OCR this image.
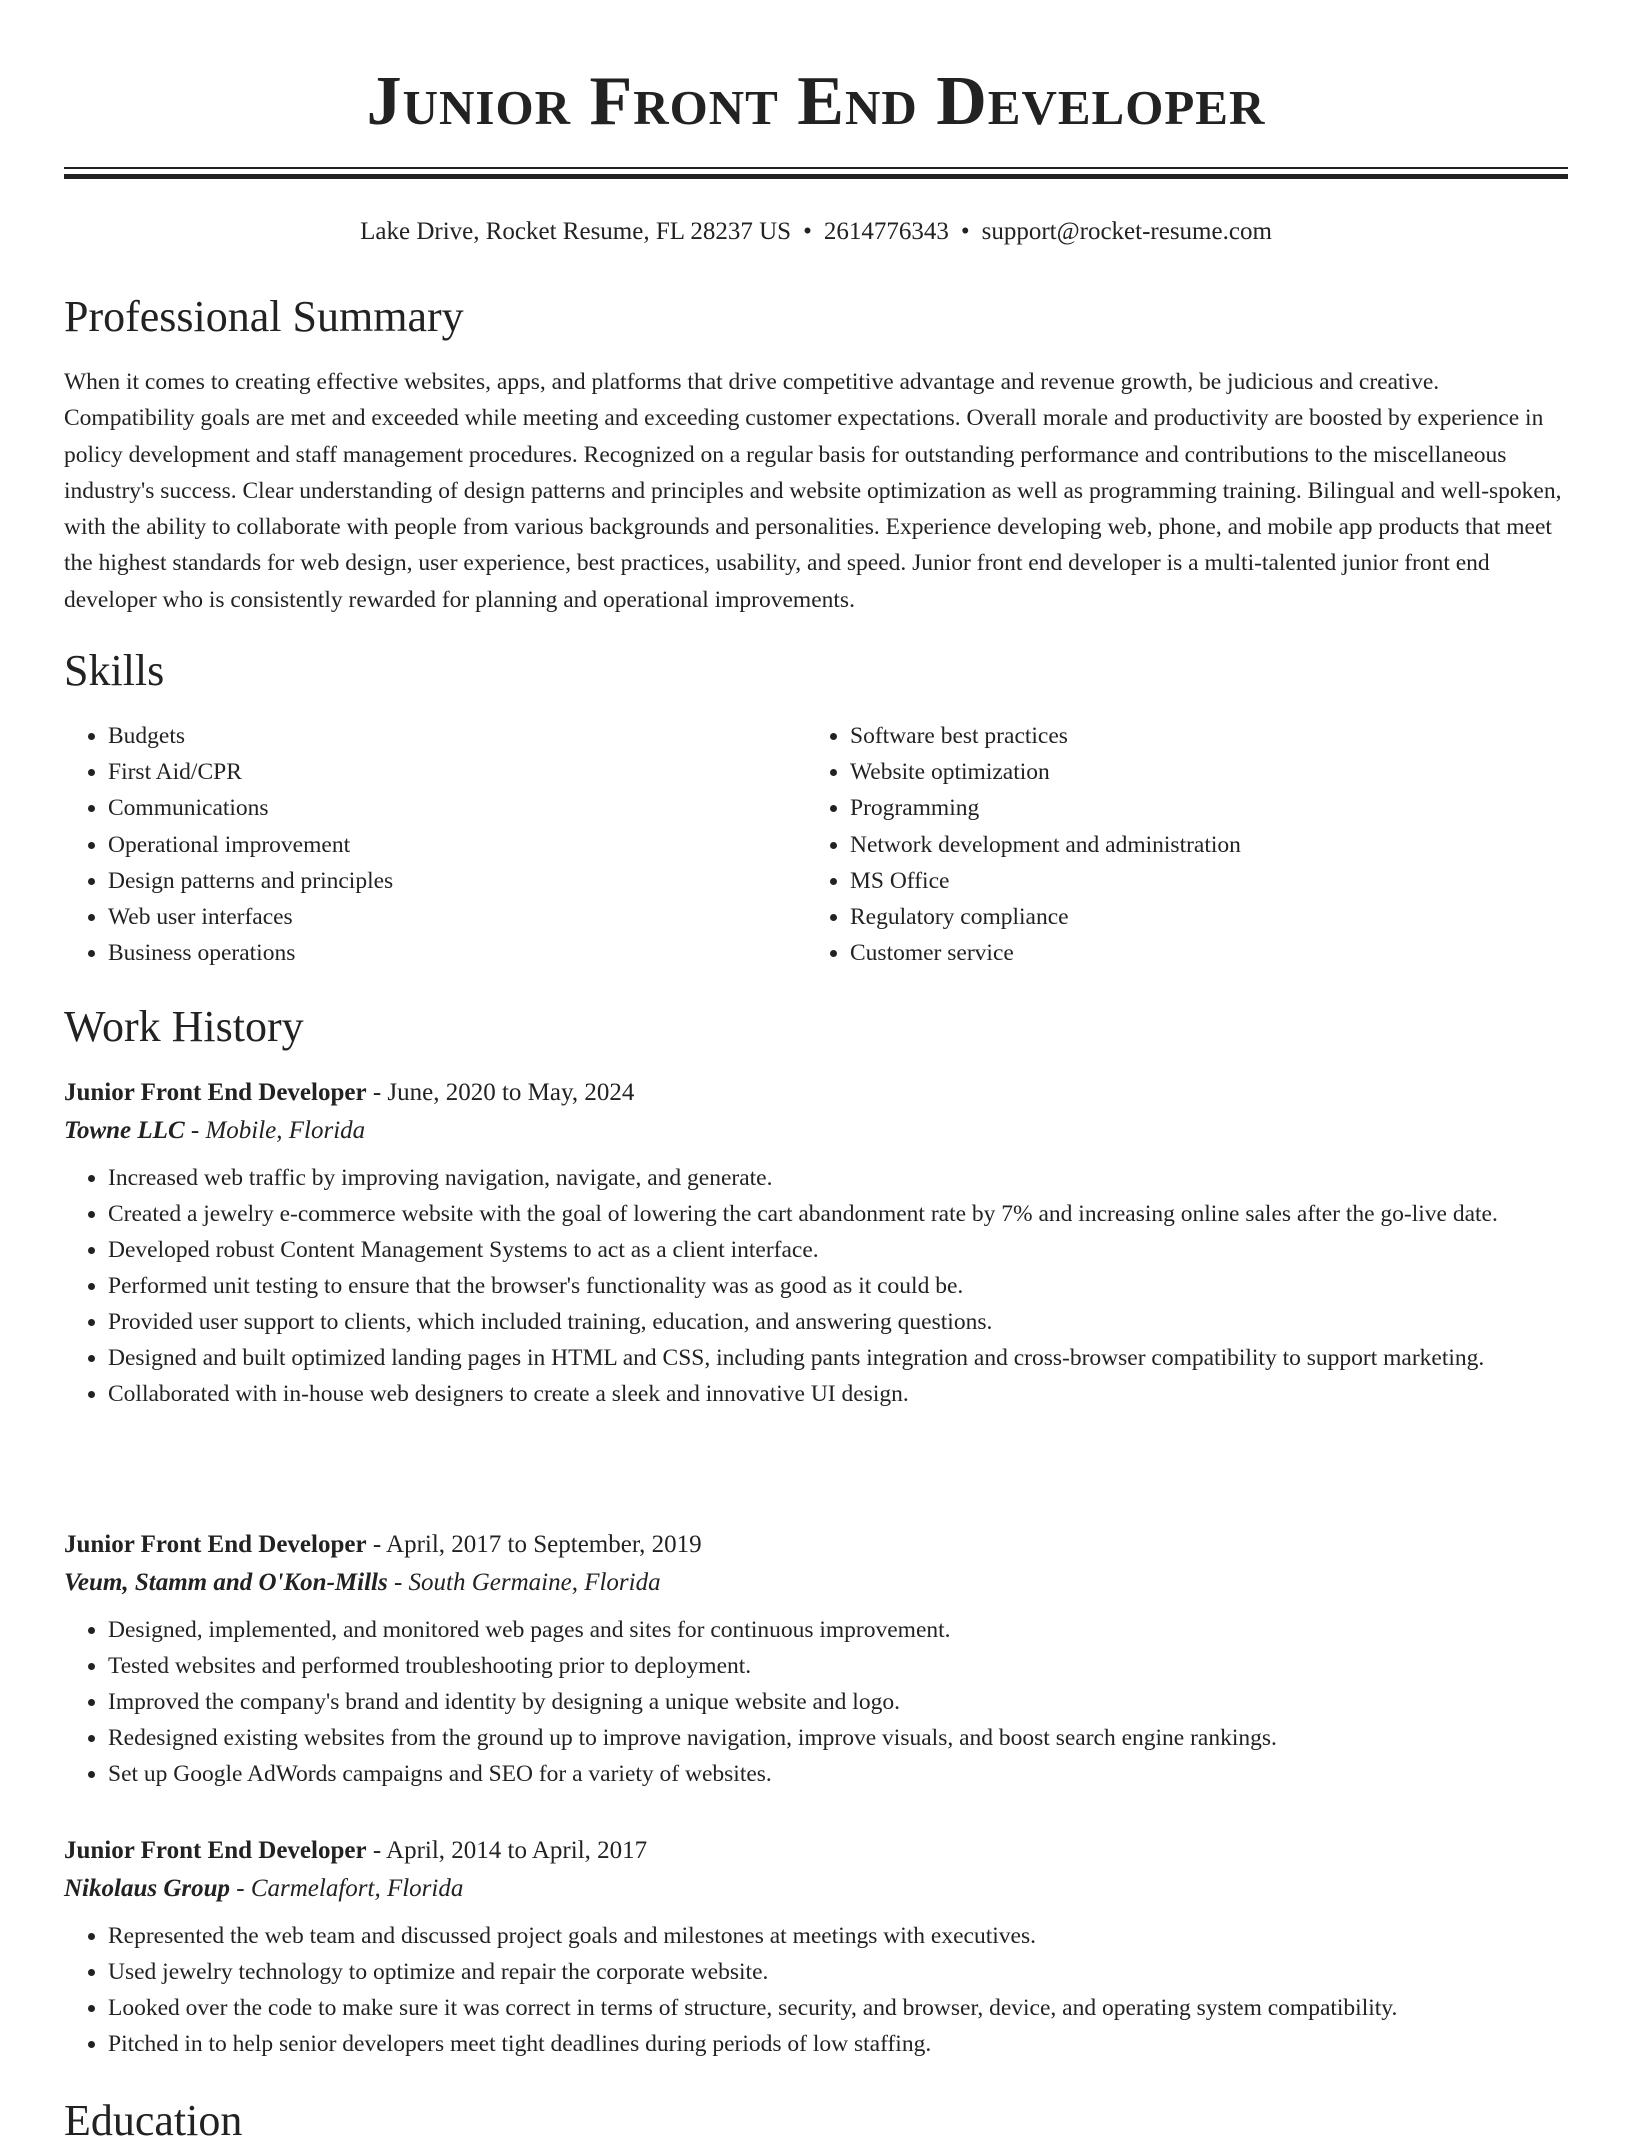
Junior Front End Developer
Lake Drive, Rocket Resume, FL 28237 US • 2614776343 • support@rocket-resume.com
Professional Summary

When it comes to creating effective websites, apps, and platforms that drive competitive advantage and revenue growth, be judicious and creative. Compatibility goals are met and exceeded while meeting and exceeding customer expectations. Overall morale and productivity are boosted by experience in policy development and staff management procedures. Recognized on a regular basis for outstanding performance and contributions to the miscellaneous industry's success. Clear understanding of design patterns and principles and website optimization as well as programming training. Bilingual and well-spoken, with the ability to collaborate with people from various backgrounds and personalities. Experience developing web, phone, and mobile app products that meet the highest standards for web design, user experience, best practices, usability, and speed. Junior front end developer is a multi-talented junior front end developer who is consistently rewarded for planning and operational improvements.

Skills
• Budgets
• First Aid/CPR
• Communications
• Operational improvement
• Design patterns and principles
• Web user interfaces
• Business operations
• Software best practices
• Website optimization
• Programming
• Network development and administration
• MS Office
• Regulatory compliance
• Customer service
Work History
Junior Front End Developer - June, 2020 to May, 2024
Towne LLC - Mobile, Florida
• Increased web traffic by improving navigation, navigate, and generate.
• Created a jewelry e-commerce website with the goal of lowering the cart abandonment rate by 7% and increasing online sales after the go-live date.
• Developed robust Content Management Systems to act as a client interface.
• Performed unit testing to ensure that the browser's functionality was as good as it could be.
• Provided user support to clients, which included training, education, and answering questions.
• Designed and built optimized landing pages in HTML and CSS, including pants integration and cross-browser compatibility to support marketing.
• Collaborated with in-house web designers to create a sleek and innovative UI design.
Junior Front End Developer - April, 2017 to September, 2019
Veum, Stamm and O'Kon-Mills - South Germaine, Florida
• Designed, implemented, and monitored web pages and sites for continuous improvement.
• Tested websites and performed troubleshooting prior to deployment.
• Improved the company's brand and identity by designing a unique website and logo.
• Redesigned existing websites from the ground up to improve navigation, improve visuals, and boost search engine rankings.
• Set up Google AdWords campaigns and SEO for a variety of websites.
Junior Front End Developer - April, 2014 to April, 2017
Nikolaus Group - Carmelafort, Florida
• Represented the web team and discussed project goals and milestones at meetings with executives.
• Used jewelry technology to optimize and repair the corporate website.
• Looked over the code to make sure it was correct in terms of structure, security, and browser, device, and operating system compatibility.
• Pitched in to help senior developers meet tight deadlines during periods of low staffing.
Education
